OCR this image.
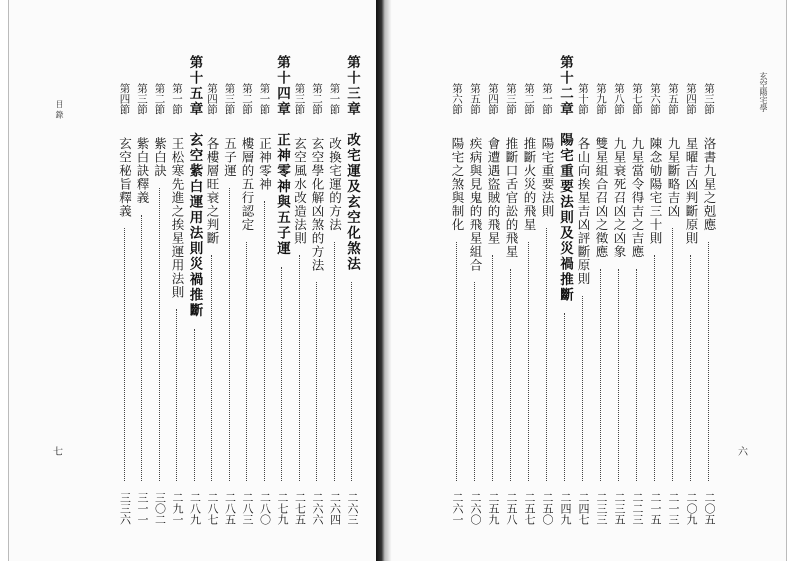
目 錄
七
第十三章　改宅運及玄空化煞法
二六三
第一節
改換宅運的方法
二六四
第二節
玄空學化解凶煞的方法
二六六
第三節
玄空風水改造法則
二七五
第十四章　正神零神與五子運
二七九
第一節
正神零神
二八〇
第二節
樓層的五行認定
二八三
第三節
五子運
二八五
第四節
各樓層旺衰之判斷
二八七
第十五章　玄空紫白運用法則災禍推斷
二八九
第一節
王松寒先進之挨星運用法則
二九一
第二節
紫白訣
三〇二
第三節
紫白訣釋義
三一一
第四節
玄空秘旨釋義
三三六
玄空陽宅學
六
第三節
洛書九星之剋應
二〇五
第四節
星曜吉凶判斷原則
二〇九
第五節
九星斷略吉凶
二一三
第六節
陳念劬陽宅三十則
二一五
第七節
九星當令得吉之吉應
二二三
第八節
九星衰死召凶之凶象
二三五
第九節
雙星組合召凶之徵應
二三三
第十節
各山向挨星吉凶評斷原則
二四七
第十二章　陽宅重要法則及災禍推斷
二四九
第一節
陽宅重要法則
二五〇
第二節
推斷火災的飛星
二五七
第三節
推斷口舌官訟的飛星
二五八
第四節
會遭遇盜賊的飛星
二五九
第五節
疾病與見鬼的飛星組合
二六〇
第六節
陽宅之煞與制化
二六一
